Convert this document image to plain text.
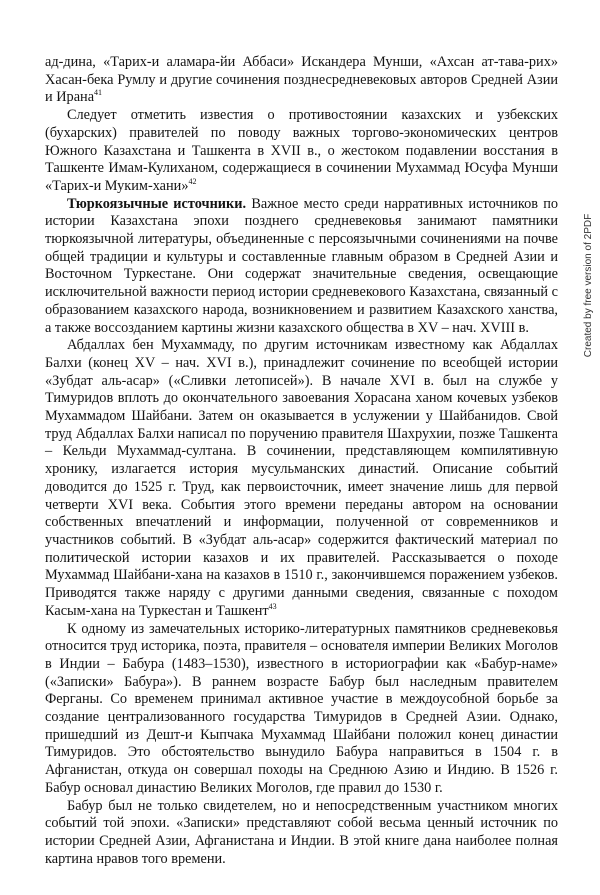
ад-дина, «Тарих-и аламара-йи Аббаси» Искандера Мунши, «Ахсан ат-тава-рих» Хасан-бека Румлу и другие сочинения позднесредневековых авторов Средней Азии и Ирана$^{41}$

Следует отметить известия о противостоянии казахских и узбекских (бухарских) правителей по поводу важных торгово-экономических центров Южного Казахстана и Ташкента в XVII в., о жестоком подавлении восстания в Ташкенте Имам-Кулиханом, содержащиеся в сочинении Мухаммад Юсуфа Мунши «Тарих-и Муким-хани»$^{42}$

Тюркоязычные источники. Важное место среди нарративных источников по истории Казахстана эпохи позднего средневековья занимают памятники тюркоязычной литературы, объединенные с персоязычными сочинениями на почве общей традиции и культуры и составленные главным образом в Средней Азии и Восточном Туркестане. Они содержат значительные сведения, освещающие исключительной важности период истории средневекового Казахстана, связанный с образованием казахского народа, возникновением и развитием Казахского ханства, а также воссозданием картины жизни казахского общества в XV – нач. XVIII в.

Абдаллах бен Мухаммаду, по другим источникам известному как Абдаллах Балхи (конец XV – нач. XVI в.), принадлежит сочинение по всеобщей истории «Зубдат аль-асар» («Сливки летописей»). В начале XVI в. был на службе у Тимуридов вплоть до окончательного завоевания Хорасана ханом кочевых узбеков Мухаммадом Шайбани. Затем он оказывается в услужении у Шайбанидов. Свой труд Абдаллах Балхи написал по поручению правителя Шахрухии, позже Ташкента – Кельди Мухаммад-султана. В сочинении, представляющем компилятивную хронику, излагается история мусульманских династий. Описание событий доводится до 1525 г. Труд, как первоисточник, имеет значение лишь для первой четверти XVI века. События этого времени переданы автором на основании собственных впечатлений и информации, полученной от современников и участников событий. В «Зубдат аль-асар» содержится фактический материал по политической истории казахов и их правителей. Рассказывается о походе Мухаммад Шайбани-хана на казахов в 1510 г., закончившемся поражением узбеков. Приводятся также наряду с другими данными сведения, связанные с походом Касым-хана на Туркестан и Ташкент$^{43}$

К одному из замечательных историко-литературных памятников средневековья относится труд историка, поэта, правителя – основателя империи Великих Моголов в Индии – Бабура (1483–1530), известного в историографии как «Бабур-наме» («Записки» Бабура»). В раннем возрасте Бабур был наследным правителем Ферганы. Со временем принимал активное участие в междоусобной борьбе за создание централизованного государства Тимуридов в Средней Азии. Однако, пришедший из Дешт-и Кыпчака Мухаммад Шайбани положил конец династии Тимуридов. Это обстоятельство вынудило Бабура направиться в 1504 г. в Афганистан, откуда он совершал походы на Среднюю Азию и Индию. В 1526 г. Бабур основал династию Великих Моголов, где правил до 1530 г.

Бабур был не только свидетелем, но и непосредственным участником многих событий той эпохи. «Записки» представляют собой весьма ценный источник по истории Средней Азии, Афганистана и Индии. В этой книге дана наиболее полная картина нравов того времени.

Created by free version of 2PDF
